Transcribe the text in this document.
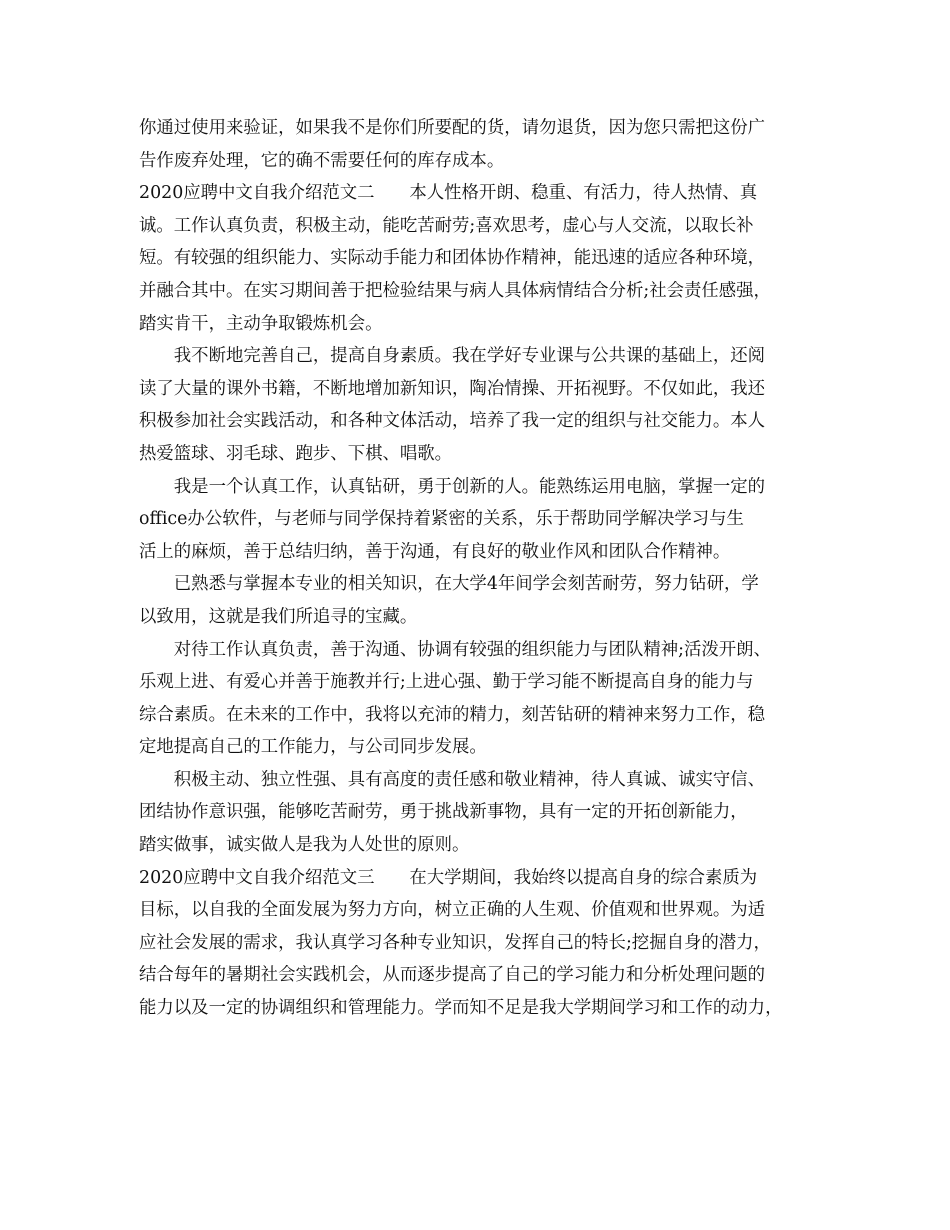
你通过使用来验证，如果我不是你们所要配的货，请勿退货，因为您只需把这份广
告作废弃处理，它的确不需要任何的库存成本。
2020应聘中文自我介绍范文二　　本人性格开朗、稳重、有活力，待人热情、真
诚。工作认真负责，积极主动，能吃苦耐劳;喜欢思考，虚心与人交流，以取长补
短。有较强的组织能力、实际动手能力和团体协作精神，能迅速的适应各种环境，
并融合其中。在实习期间善于把检验结果与病人具体病情结合分析;社会责任感强，
踏实肯干，主动争取锻炼机会。
　　我不断地完善自己，提高自身素质。我在学好专业课与公共课的基础上，还阅
读了大量的课外书籍，不断地增加新知识，陶冶情操、开拓视野。不仅如此，我还
积极参加社会实践活动，和各种文体活动，培养了我一定的组织与社交能力。本人
热爱篮球、羽毛球、跑步、下棋、唱歌。
　　我是一个认真工作，认真钻研，勇于创新的人。能熟练运用电脑，掌握一定的
office办公软件，与老师与同学保持着紧密的关系，乐于帮助同学解决学习与生
活上的麻烦，善于总结归纳，善于沟通，有良好的敬业作风和团队合作精神。
　　已熟悉与掌握本专业的相关知识，在大学4年间学会刻苦耐劳，努力钻研，学
以致用，这就是我们所追寻的宝藏。
　　对待工作认真负责，善于沟通、协调有较强的组织能力与团队精神;活泼开朗、
乐观上进、有爱心并善于施教并行;上进心强、勤于学习能不断提高自身的能力与
综合素质。在未来的工作中，我将以充沛的精力，刻苦钻研的精神来努力工作，稳
定地提高自己的工作能力，与公司同步发展。
　　积极主动、独立性强、具有高度的责任感和敬业精神，待人真诚、诚实守信、
团结协作意识强，能够吃苦耐劳，勇于挑战新事物，具有一定的开拓创新能力，
踏实做事，诚实做人是我为人处世的原则。
2020应聘中文自我介绍范文三　　在大学期间，我始终以提高自身的综合素质为
目标，以自我的全面发展为努力方向，树立正确的人生观、价值观和世界观。为适
应社会发展的需求，我认真学习各种专业知识，发挥自己的特长;挖掘自身的潜力，
结合每年的暑期社会实践机会，从而逐步提高了自己的学习能力和分析处理问题的
能力以及一定的协调组织和管理能力。学而知不足是我大学期间学习和工作的动力，
